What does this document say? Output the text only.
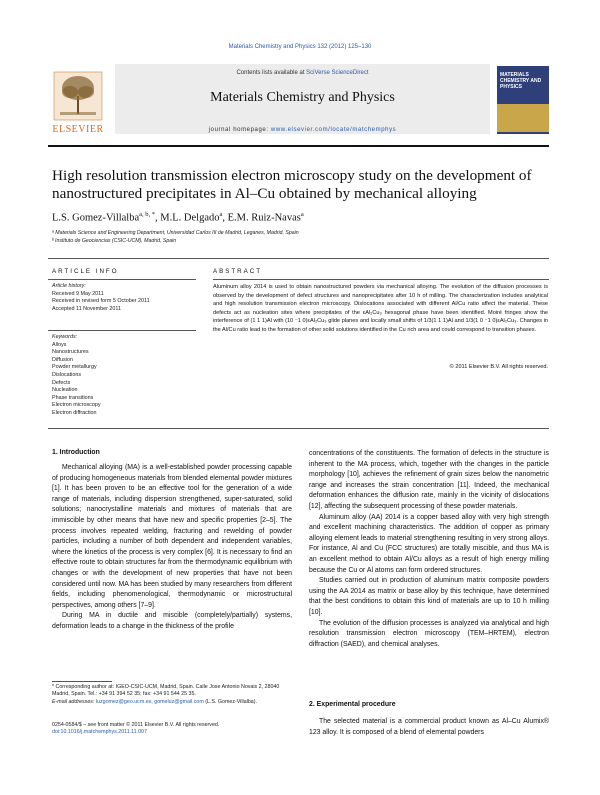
Materials Chemistry and Physics 132 (2012) 125–130
ELSEVIER
Contents lists available at SciVerse ScienceDirect
Materials Chemistry and Physics
journal homepage: www.elsevier.com/locate/matchemphys
MATERIALS CHEMISTRY AND PHYSICS
High resolution transmission electron microscopy study on the development of nanostructured precipitates in Al–Cu obtained by mechanical alloying
L.S. Gomez-Villalba$^{a, b, *}$, M.L. Delgado$^a$, E.M. Ruiz-Navas$^a$
ᵃ Materials Science and Engineering Department, Universidad Carlos III de Madrid, Leganes, Madrid, Spain
ᵇ Instituto de Geociencias (CSIC-UCM), Madrid, Spain
ARTICLE INFO	ABSTRACT
Article history:
Received 9 May 2011
Received in revised form 5 October 2011
Accepted 11 November 2011
Keywords:
Alloys
Nanostructures
Diffusion
Powder metallurgy
Dislocations
Defects
Nucleation
Phase transitions
Electron microscopy
Electron diffraction
Aluminum alloy 2014 is used to obtain nanostructured powders via mechanical alloying. The evolution of the diffusion processes is observed by the development of defect structures and nanoprecipitates after 10 h of milling. The characterization includes analytical and high resolution transmission electron microscopy. Dislocations associated with different Al/Cu ratio affect the material. These defects act as nucleation sites where precipitates of the εAl₂Cu₃ hexagonal phase have been identified. Moiré fringes show the interference of (1 1 1)Al with (10 ⁻1 0)εAl₂Cu₃ glide planes and locally small shifts of 1/3(1 1 1)Al and 1/3(1 0 ⁻1 0)εAl₂Cu₃. Changes in the Al/Cu ratio lead to the formation of other solid solutions identified in the Cu rich area and could correspond to transition phases.
© 2011 Elsevier B.V. All rights reserved.
1. Introduction

Mechanical alloying (MA) is a well-established powder processing capable of producing homogeneous materials from blended elemental powder mixtures [1]. It has been proven to be an effective tool for the generation of a wide range of materials, including dispersion strengthened, super-saturated, solid solutions; nanocrystalline materials and mixtures of materials that are immiscible by other means that have new and specific properties [2–5]. The process involves repeated welding, fracturing and rewelding of powder particles, including a number of both dependent and independent variables, where the kinetics of the process is very complex [6]. It is necessary to find an effective route to obtain structures far from the thermodynamic equilibrium with changes or with the development of new properties that have not been considered until now. MA has been studied by many researchers from different fields, including phenomenological, thermodynamic or microstructural perspectives, among others [7–9].

During MA in ductile and miscible (completely/partially) systems, deformation leads to a change in the thickness of the profile

* Corresponding author at: IGEO-CSIC-UCM, Madrid, Spain. Calle Jose Antonio Novais 2, 28040 Madrid, Spain. Tel.: +34 91 394 52 35; fax: +34 91 544 25 35.

E-mail addresses: luzgomez@geo.ucm.es, gomeluz@gmail.com (L.S. Gomez-Villalba).

0254-0584/$ – see front matter © 2011 Elsevier B.V. All rights reserved.
doi:10.1016/j.matchemphys.2011.11.007

concentrations of the constituents. The formation of defects in the structure is inherent to the MA process, which, together with the changes in the particle morphology [10], achieves the refinement of grain sizes below the nanometric range and increases the strain concentration [11]. Indeed, the mechanical deformation enhances the diffusion rate, mainly in the vicinity of dislocations [12], affecting the subsequent processing of these powder materials.

Aluminum alloy (AA) 2014 is a copper based alloy with very high strength and excellent machining characteristics. The addition of copper as primary alloying element leads to material strengthening resulting in very strong alloys. For instance, Al and Cu (FCC structures) are totally miscible, and thus MA is an excellent method to obtain Al/Cu alloys as a result of high energy milling because the Cu or Al atoms can form ordered structures.

Studies carried out in production of aluminum matrix composite powders using the AA 2014 as matrix or base alloy by this technique, have determined that the best conditions to obtain this kind of materials are up to 10 h milling [10].

The evolution of the diffusion processes is analyzed via analytical and high resolution transmission electron microscopy (TEM–HRTEM), electron diffraction (SAED), and chemical analyses.

2. Experimental procedure

The selected material is a commercial product known as Al–Cu Alumix® 123 alloy. It is composed of a blend of elemental powders
